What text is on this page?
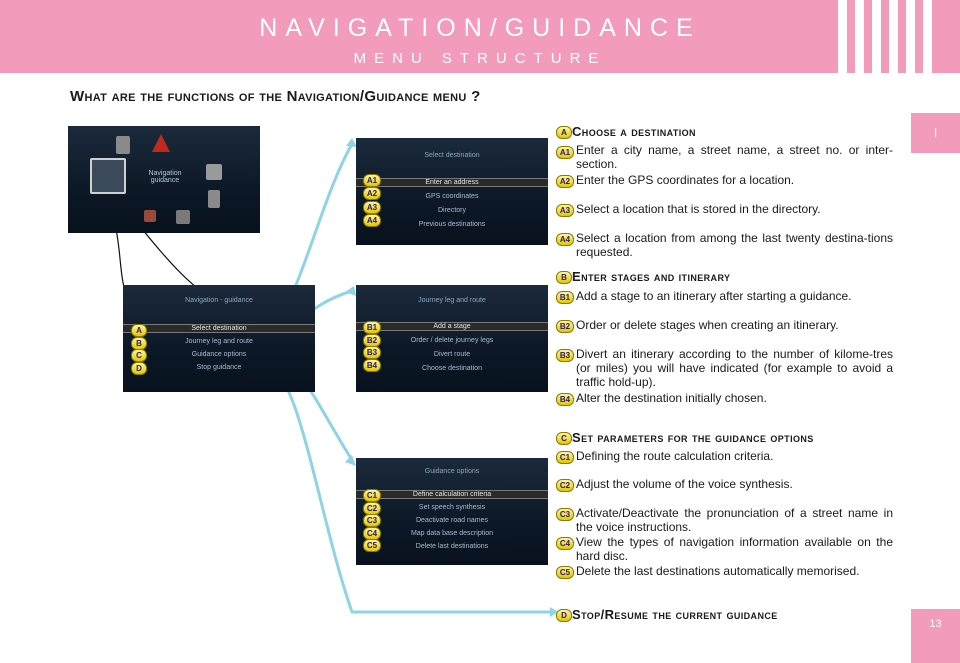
NAVIGATION/GUIDANCE
MENU STRUCTURE
I
13
What are the functions of the Navigation/Guidance menu ?
Navigation guidance
Navigation - guidance
Select destination
Journey leg and route
Guidance options
Stop guidance
A
B
C
D
Select destination
Enter an address
GPS coordinates
Directory
Previous destinations
A1
A2
A3
A4
Journey leg and route
Add a stage
Order / delete journey legs
Divert route
Choose destination
B1
B2
B3
B4
Guidance options
Define calculation criteria
Set speech synthesis
Deactivate road names
Map data base description
Delete last destinations
C1
C2
C3
C4
C5
A Choose a destination
A1 Enter a city name, a street name, a street no. or inter-section.
A2 Enter the GPS coordinates for a location.
A3 Select a location that is stored in the directory.
A4 Select a location from among the last twenty destina-tions requested.
B Enter stages and itinerary
B1 Add a stage to an itinerary after starting a guidance.
B2 Order or delete stages when creating an itinerary.
B3 Divert an itinerary according to the number of kilome-tres (or miles) you will have indicated (for example to avoid a traffic hold-up).
B4 Alter the destination initially chosen.
C Set parameters for the guidance options
C1 Defining the route calculation criteria.
C2 Adjust the volume of the voice synthesis.
C3 Activate/Deactivate the pronunciation of a street name in the voice instructions.
C4 View the types of navigation information available on the hard disc.
C5 Delete the last destinations automatically memorised.
D Stop/Resume the current guidance
